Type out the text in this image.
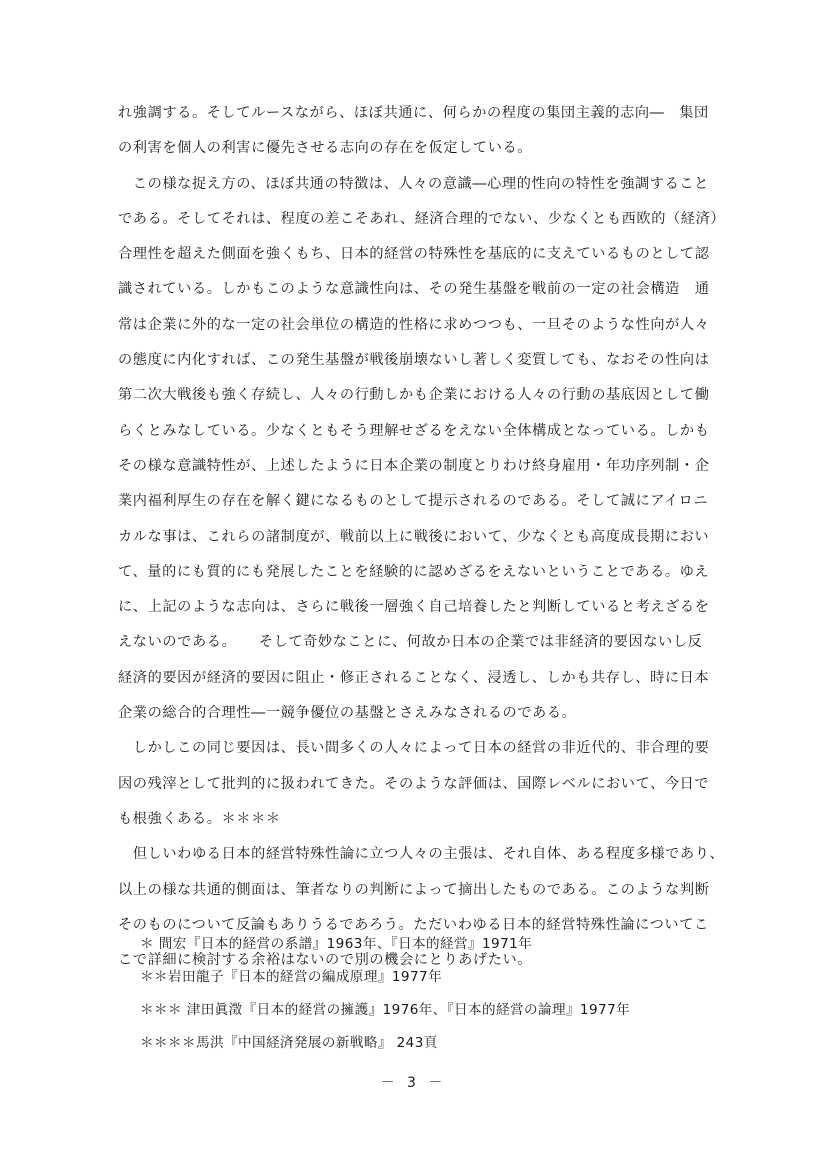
れ強調する。そしてルースながら、ほぼ共通に、何らかの程度の集団主義的志向―　集団
の利害を個人の利害に優先させる志向の存在を仮定している。
　この様な捉え方の、ほぼ共通の特徴は、人々の意識―心理的性向の特性を強調すること
である。そしてそれは、程度の差こそあれ、経済合理的でない、少なくとも西欧的（経済）
合理性を超えた側面を強くもち、日本的経営の特殊性を基底的に支えているものとして認
識されている。しかもこのような意識性向は、その発生基盤を戦前の一定の社会構造　通
常は企業に外的な一定の社会単位の構造的性格に求めつつも、一旦そのような性向が人々
の態度に内化すれば、この発生基盤が戦後崩壊ないし著しく変質しても、なおその性向は
第二次大戦後も強く存続し、人々の行動しかも企業における人々の行動の基底因として働
らくとみなしている。少なくともそう理解せざるをえない全体構成となっている。しかも
その様な意識特性が、上述したように日本企業の制度とりわけ終身雇用・年功序列制・企
業内福利厚生の存在を解く鍵になるものとして提示されるのである。そして誠にアイロニ
カルな事は、これらの諸制度が、戦前以上に戦後において、少なくとも高度成長期におい
て、量的にも質的にも発展したことを経験的に認めざるをえないということである。ゆえ
に、上記のような志向は、さらに戦後一層強く自己培養したと判断していると考えざるを
えないのである。　　そして奇妙なことに、何故か日本の企業では非経済的要因ないし反
経済的要因が経済的要因に阻止・修正されることなく、浸透し、しかも共存し、時に日本
企業の総合的合理性―一競争優位の基盤とさえみなされるのである。
　しかしこの同じ要因は、長い間多くの人々によって日本の経営の非近代的、非合理的要
因の残滓として批判的に扱われてきた。そのような評価は、国際レベルにおいて、今日で
も根強くある。＊＊＊＊
　但しいわゆる日本的経営特殊性論に立つ人々の主張は、それ自体、ある程度多様であり、
以上の様な共通的側面は、筆者なりの判断によって摘出したものである。このような判断
そのものについて反論もありうるであろう。ただいわゆる日本的経営特殊性論についてこ
こで詳細に検討する余裕はないので別の機会にとりあげたい。
＊ 間宏『日本的経営の系譜』1963年、『日本的経営』1971年
＊＊岩田龍子『日本的経営の編成原理』1977年
＊＊＊ 津田眞澂『日本的経営の擁護』1976年、『日本的経営の論理』1977年
＊＊＊＊馬洪『中国経済発展の新戦略』 243頁
－ 3 －
